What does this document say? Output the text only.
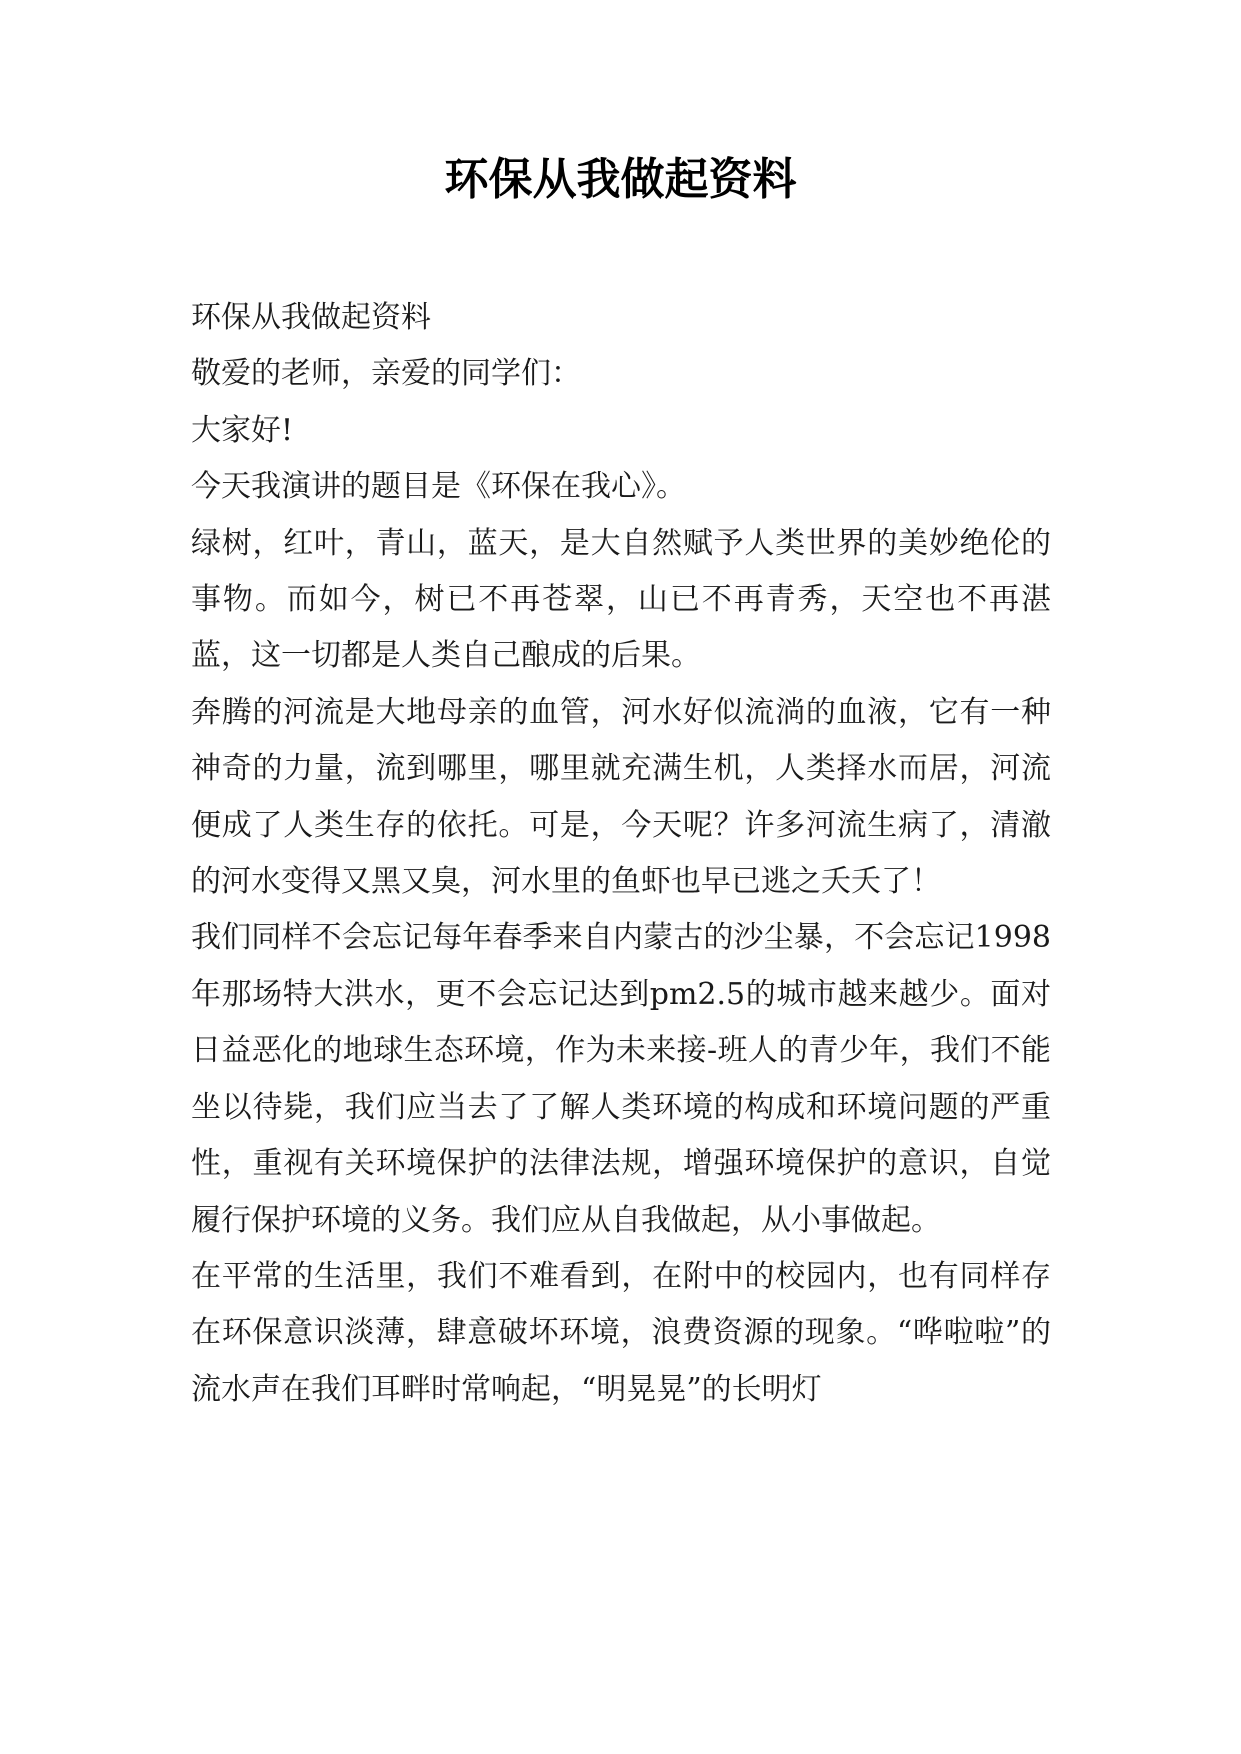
环保从我做起资料

环保从我做起资料

敬爱的老师，亲爱的同学们：

大家好!

今天我演讲的题目是《环保在我心》。

绿树，红叶，青山，蓝天，是大自然赋予人类世界的美妙绝伦的事物。而如今，树已不再苍翠，山已不再青秀，天空也不再湛蓝，这一切都是人类自己酿成的后果。

奔腾的河流是大地母亲的血管，河水好似流淌的血液，它有一种神奇的力量，流到哪里，哪里就充满生机，人类择水而居，河流便成了人类生存的依托。可是，今天呢？许多河流生病了，清澈的河水变得又黑又臭，河水里的鱼虾也早已逃之夭夭了！

我们同样不会忘记每年春季来自内蒙古的沙尘暴，不会忘记1998年那场特大洪水，更不会忘记达到pm2.5的城市越来越少。面对日益恶化的地球生态环境，作为未来接-班人的青少年，我们不能坐以待毙，我们应当去了了解人类环境的构成和环境问题的严重性，重视有关环境保护的法律法规，增强环境保护的意识，自觉履行保护环境的义务。我们应从自我做起，从小事做起。

在平常的生活里，我们不难看到，在附中的校园内，也有同样存在环保意识淡薄，肆意破坏环境，浪费资源的现象。“哗啦啦”的流水声在我们耳畔时常响起，“明晃晃”的长明灯
